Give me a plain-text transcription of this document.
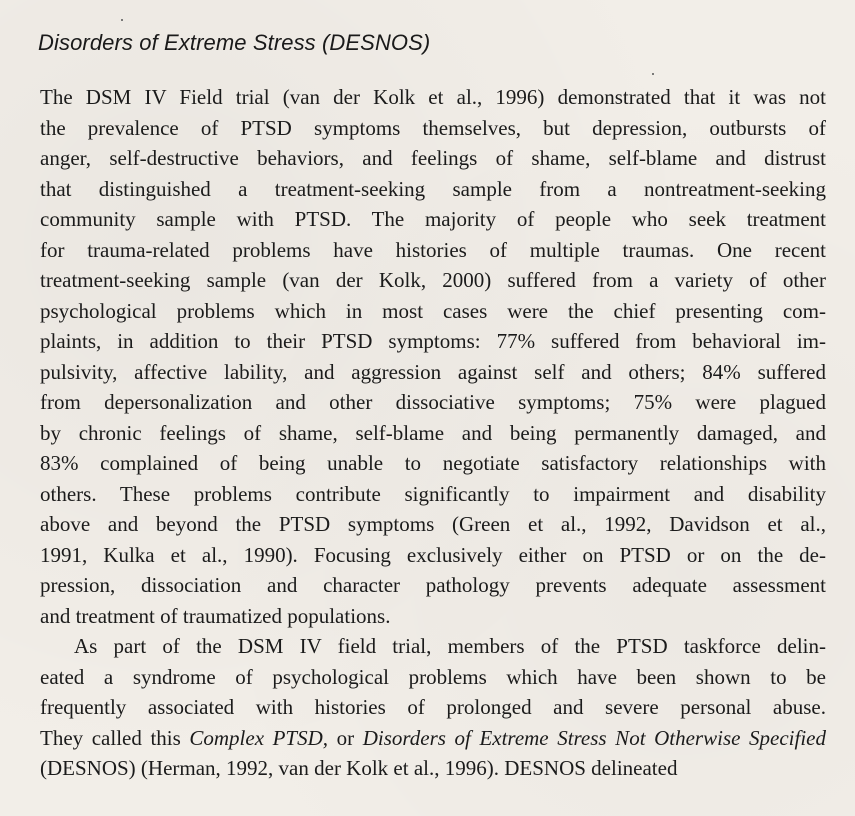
Disorders of Extreme Stress (DESNOS)
The DSM IV Field trial (van der Kolk et al., 1996) demonstrated that it was not
the prevalence of PTSD symptoms themselves, but depression, outbursts of
anger, self-destructive behaviors, and feelings of shame, self-blame and distrust
that distinguished a treatment-seeking sample from a nontreatment-seeking
community sample with PTSD. The majority of people who seek treatment
for trauma-related problems have histories of multiple traumas. One recent
treatment-seeking sample (van der Kolk, 2000) suffered from a variety of other
psychological problems which in most cases were the chief presenting com-
plaints, in addition to their PTSD symptoms: 77% suffered from behavioral im-
pulsivity, affective lability, and aggression against self and others; 84% suffered
from depersonalization and other dissociative symptoms; 75% were plagued
by chronic feelings of shame, self-blame and being permanently damaged, and
83% complained of being unable to negotiate satisfactory relationships with
others. These problems contribute significantly to impairment and disability
above and beyond the PTSD symptoms (Green et al., 1992, Davidson et al.,
1991, Kulka et al., 1990). Focusing exclusively either on PTSD or on the de-
pression, dissociation and character pathology prevents adequate assessment
and treatment of traumatized populations.
As part of the DSM IV field trial, members of the PTSD taskforce delin-
eated a syndrome of psychological problems which have been shown to be
frequently associated with histories of prolonged and severe personal abuse.
They called this Complex PTSD, or Disorders of Extreme Stress Not Otherwise Specified
(DESNOS) (Herman, 1992, van der Kolk et al., 1996). DESNOS delineated
